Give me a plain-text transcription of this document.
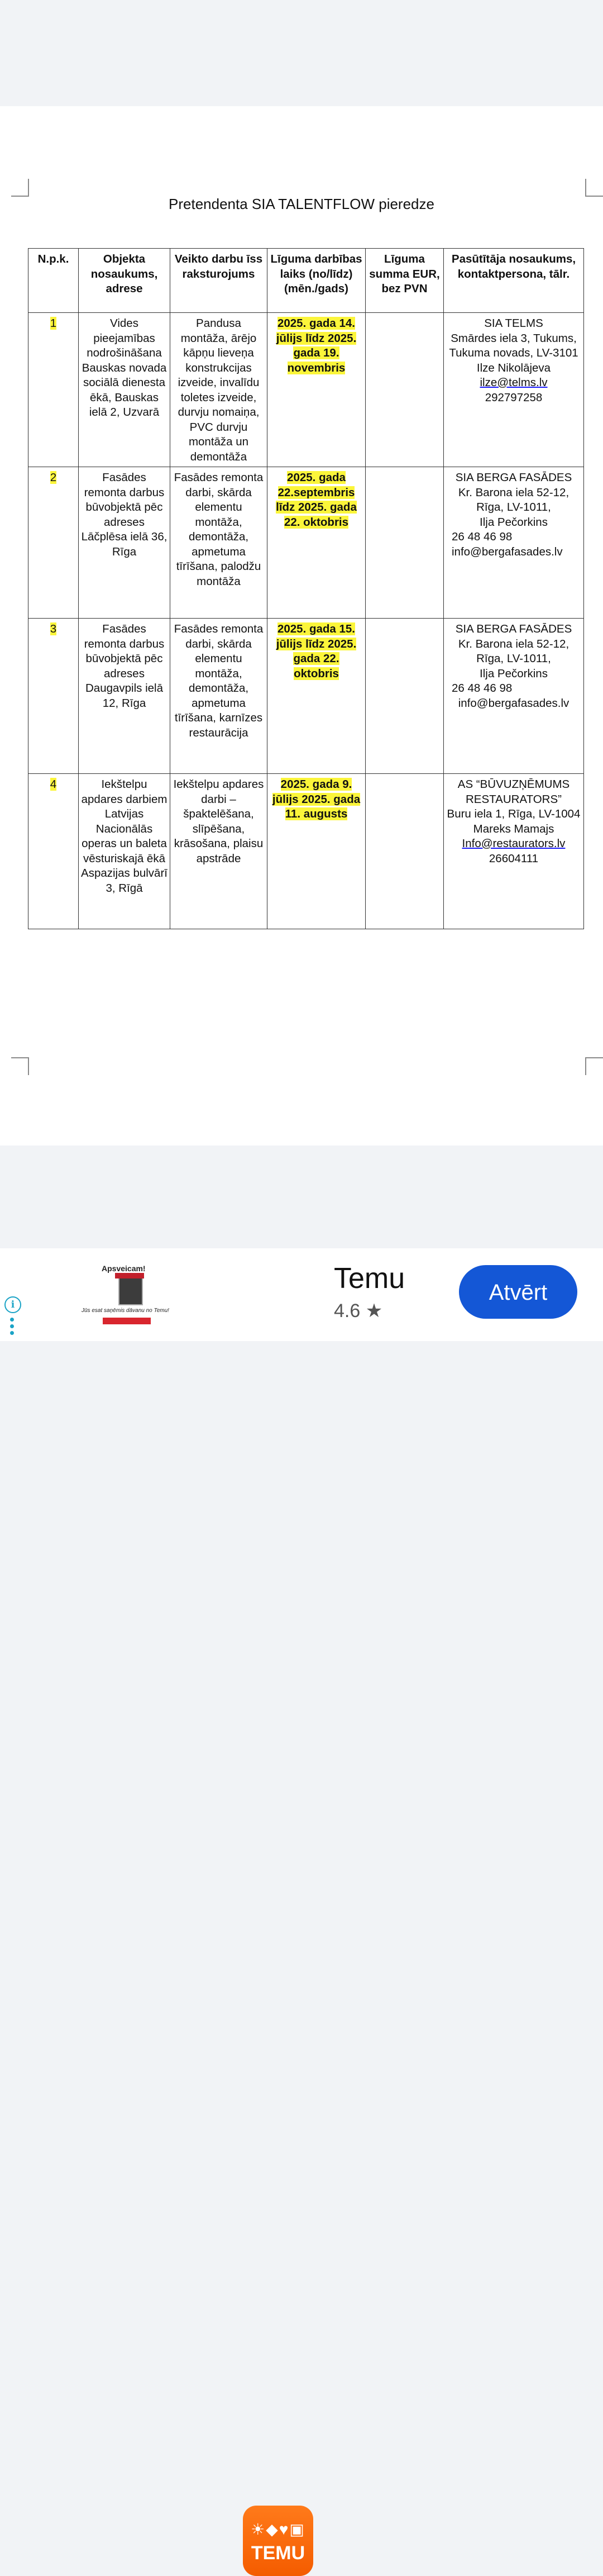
Pretendenta SIA TALENTFLOW pieredze
N.p.k.	Objekta nosaukums, adrese	Veikto darbu īss raksturojums	Līguma darbības laiks (no/līdz) (mēn./gads)	Līguma summa EUR, bez PVN	Pasūtītāja nosaukums, kontaktpersona, tālr.
1	Vides pieejamības nodrošināšana Bauskas novada sociālā dienesta ēkā, Bauskas ielā 2, Uzvarā	Pandusa montāža, ārējo kāpņu lieveņa konstrukcijas izveide, invalīdu toletes izveide, durvju nomaiņa, PVC durvju montāža un demontāža	2025. gada 14. jūlijs līdz 2025. gada 19. novembris		SIA TELMS
Smārdes iela 3, Tukums, Tukuma novads, LV-3101
Ilze Nikolājeva
ilze@telms.lv
292797258

2	Fasādes remonta darbus būvobjektā pēc adreses Lāčplēsa ielā 36, Rīga	Fasādes remonta darbi, skārda elementu montāža, demontāža, apmetuma tīrīšana, palodžu montāža	2025. gada 22.septembris līdz 2025. gada 22. oktobris		SIA BERGA FASĀDES
Kr. Barona iela 52-12, Rīga, LV-1011,
Ilja Pečorkins
26 48 46 98
info@bergafasades.lv

3	Fasādes remonta darbus būvobjektā pēc adreses Daugavpils ielā 12, Rīga	Fasādes remonta darbi, skārda elementu montāža, demontāža, apmetuma tīrīšana, karnīzes restaurācija	2025. gada 15. jūlijs līdz 2025. gada 22. oktobris		SIA BERGA FASĀDES
Kr. Barona iela 52-12, Rīga, LV-1011,
Ilja Pečorkins
26 48 46 98
info@bergafasades.lv

4	Iekštelpu apdares darbiem Latvijas Nacionālās operas un baleta vēsturiskajā ēkā Aspazijas bulvārī 3, Rīgā	Iekštelpu apdares darbi – špaktelēšana, slīpēšana, krāsošana, plaisu apstrāde	2025. gada 9. jūlijs 2025. gada 11. augusts		AS “BŪVUZŅĒMUMS RESTAURATORS”
Buru iela 1, Rīga, LV-1004
Mareks Mamajs
Info@restaurators.lv
26604111
Apsveicam!
Jūs esat saņēmis dāvanu no Temu!
☀◆♥▣
TEMU
Temu
4.6 ★
Atvērt
i
